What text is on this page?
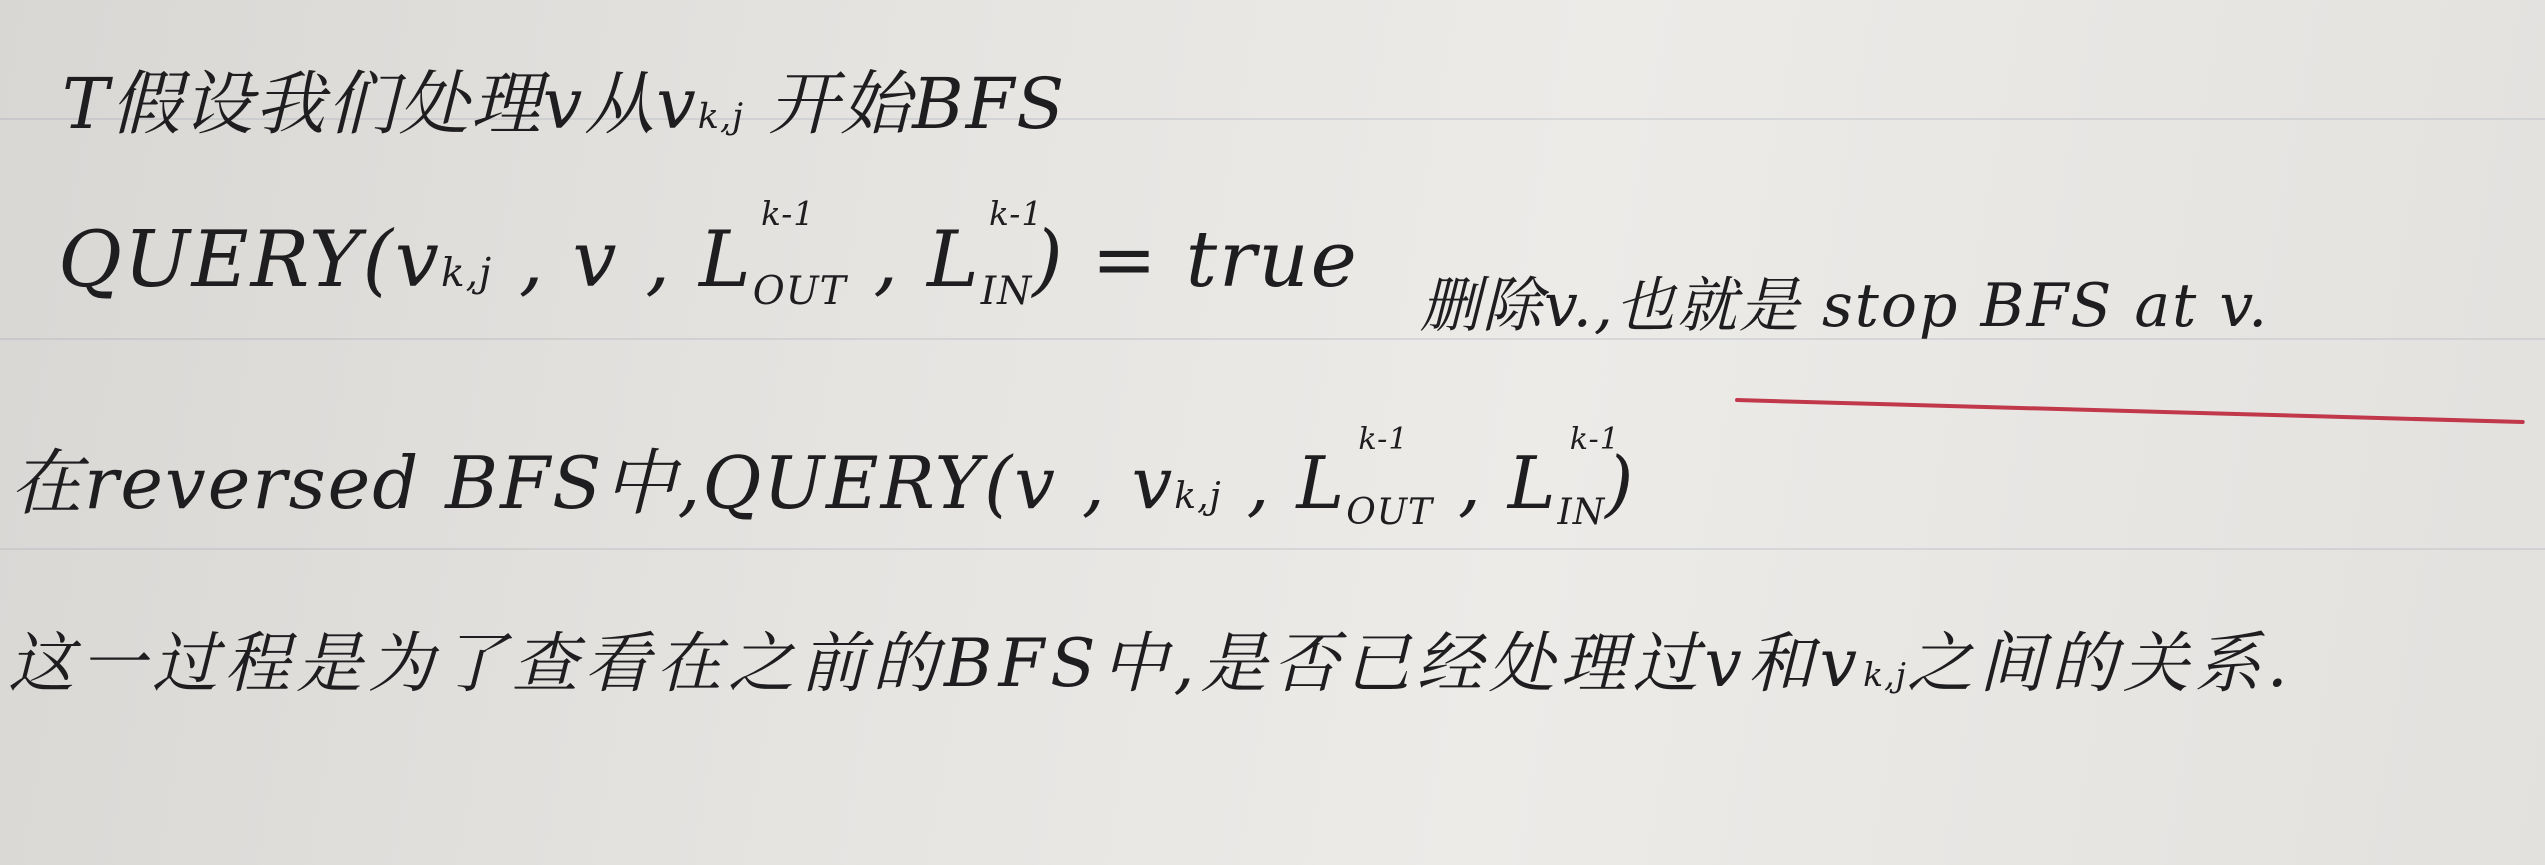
T假设我们处理v从vk,j 开始BFS
QUERY(vk,j , v , LOUT
k-1
, LIN
k-1
) = true
删除v.,也就是 stop BFS at v.
在reversed BFS中,QUERY(v , vk,j , LOUT
k-1
, LIN
k-1
)
这一过程是为了查看在之前的BFS中,是否已经处理过v和vk,j之间的关系.
